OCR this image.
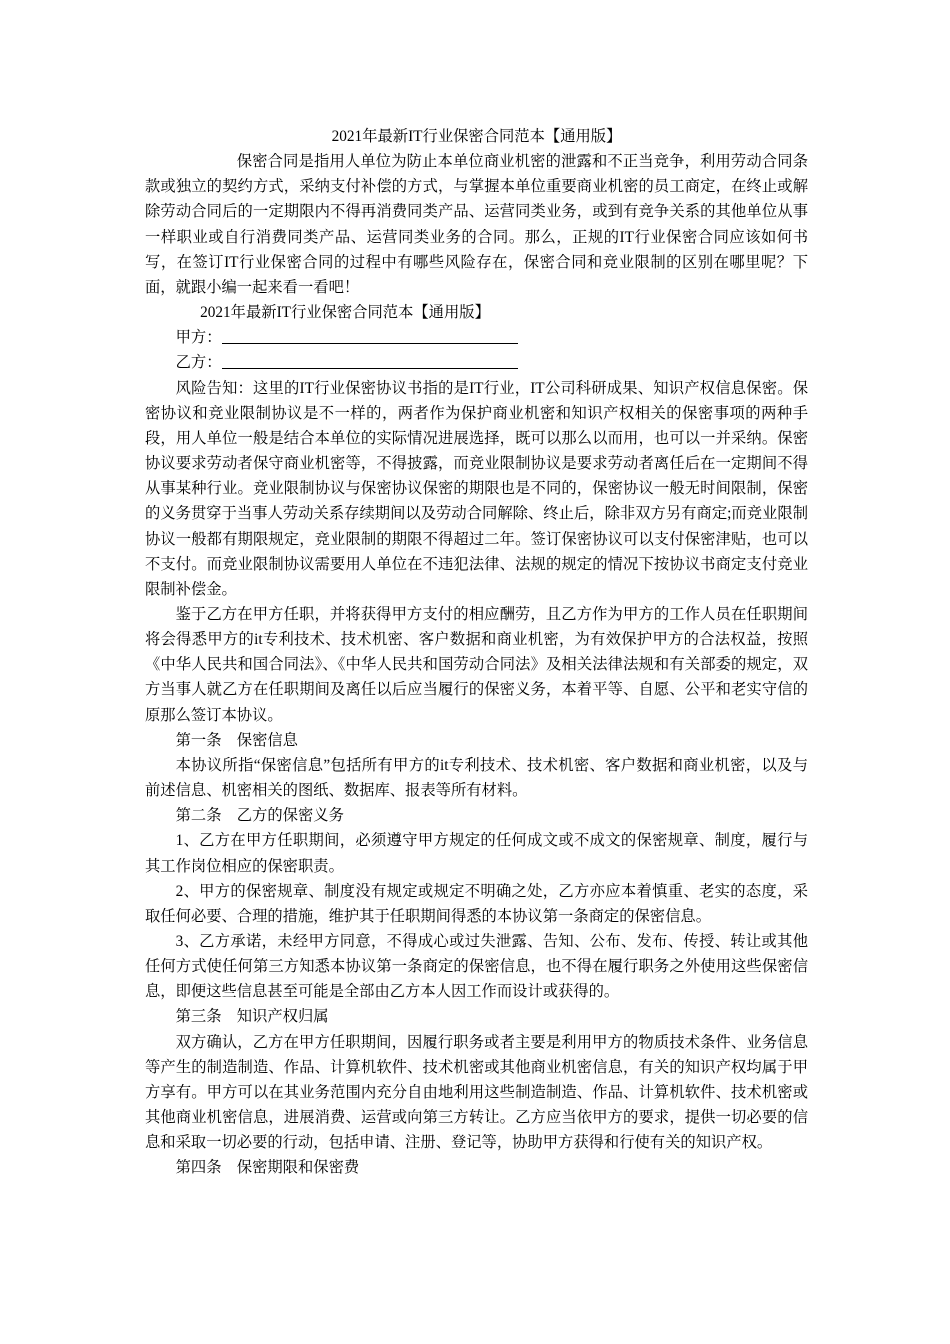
2021年最新IT行业保密合同范本【通用版】

保密合同是指用人单位为防止本单位商业机密的泄露和不正当竞争，利用劳动合同条款或独立的契约方式，采纳支付补偿的方式，与掌握本单位重要商业机密的员工商定，在终止或解除劳动合同后的一定期限内不得再消费同类产品、运营同类业务，或到有竞争关系的其他单位从事一样职业或自行消费同类产品、运营同类业务的合同。那么，正规的IT行业保密合同应该如何书写，在签订IT行业保密合同的过程中有哪些风险存在，保密合同和竞业限制的区别在哪里呢？下面，就跟小编一起来看一看吧！

2021年最新IT行业保密合同范本【通用版】

甲方：

乙方：

风险告知：这里的IT行业保密协议书指的是IT行业，IT公司科研成果、知识产权信息保密。保密协议和竞业限制协议是不一样的，两者作为保护商业机密和知识产权相关的保密事项的两种手段，用人单位一般是结合本单位的实际情况进展选择，既可以那么以而用，也可以一并采纳。保密协议要求劳动者保守商业机密等，不得披露，而竞业限制协议是要求劳动者离任后在一定期间不得从事某种行业。竞业限制协议与保密协议保密的期限也是不同的，保密协议一般无时间限制，保密的义务贯穿于当事人劳动关系存续期间以及劳动合同解除、终止后，除非双方另有商定;而竞业限制协议一般都有期限规定，竞业限制的期限不得超过二年。签订保密协议可以支付保密津贴，也可以不支付。而竞业限制协议需要用人单位在不违犯法律、法规的规定的情况下按协议书商定支付竞业限制补偿金。

鉴于乙方在甲方任职，并将获得甲方支付的相应酬劳，且乙方作为甲方的工作人员在任职期间将会得悉甲方的it专利技术、技术机密、客户数据和商业机密，为有效保护甲方的合法权益，按照《中华人民共和国合同法》、《中华人民共和国劳动合同法》及相关法律法规和有关部委的规定，双方当事人就乙方在任职期间及离任以后应当履行的保密义务，本着平等、自愿、公平和老实守信的原那么签订本协议。

第一条　保密信息

本协议所指“保密信息”包括所有甲方的it专利技术、技术机密、客户数据和商业机密，以及与前述信息、机密相关的图纸、数据库、报表等所有材料。

第二条　乙方的保密义务

1、乙方在甲方任职期间，必须遵守甲方规定的任何成文或不成文的保密规章、制度，履行与其工作岗位相应的保密职责。

2、甲方的保密规章、制度没有规定或规定不明确之处，乙方亦应本着慎重、老实的态度，采取任何必要、合理的措施，维护其于任职期间得悉的本协议第一条商定的保密信息。

3、乙方承诺，未经甲方同意，不得成心或过失泄露、告知、公布、发布、传授、转让或其他任何方式使任何第三方知悉本协议第一条商定的保密信息，也不得在履行职务之外使用这些保密信息，即便这些信息甚至可能是全部由乙方本人因工作而设计或获得的。

第三条　知识产权归属

双方确认，乙方在甲方任职期间，因履行职务或者主要是利用甲方的物质技术条件、业务信息等产生的制造制造、作品、计算机软件、技术机密或其他商业机密信息，有关的知识产权均属于甲方享有。甲方可以在其业务范围内充分自由地利用这些制造制造、作品、计算机软件、技术机密或其他商业机密信息，进展消费、运营或向第三方转让。乙方应当依甲方的要求，提供一切必要的信息和采取一切必要的行动，包括申请、注册、登记等，协助甲方获得和行使有关的知识产权。

第四条　保密期限和保密费
